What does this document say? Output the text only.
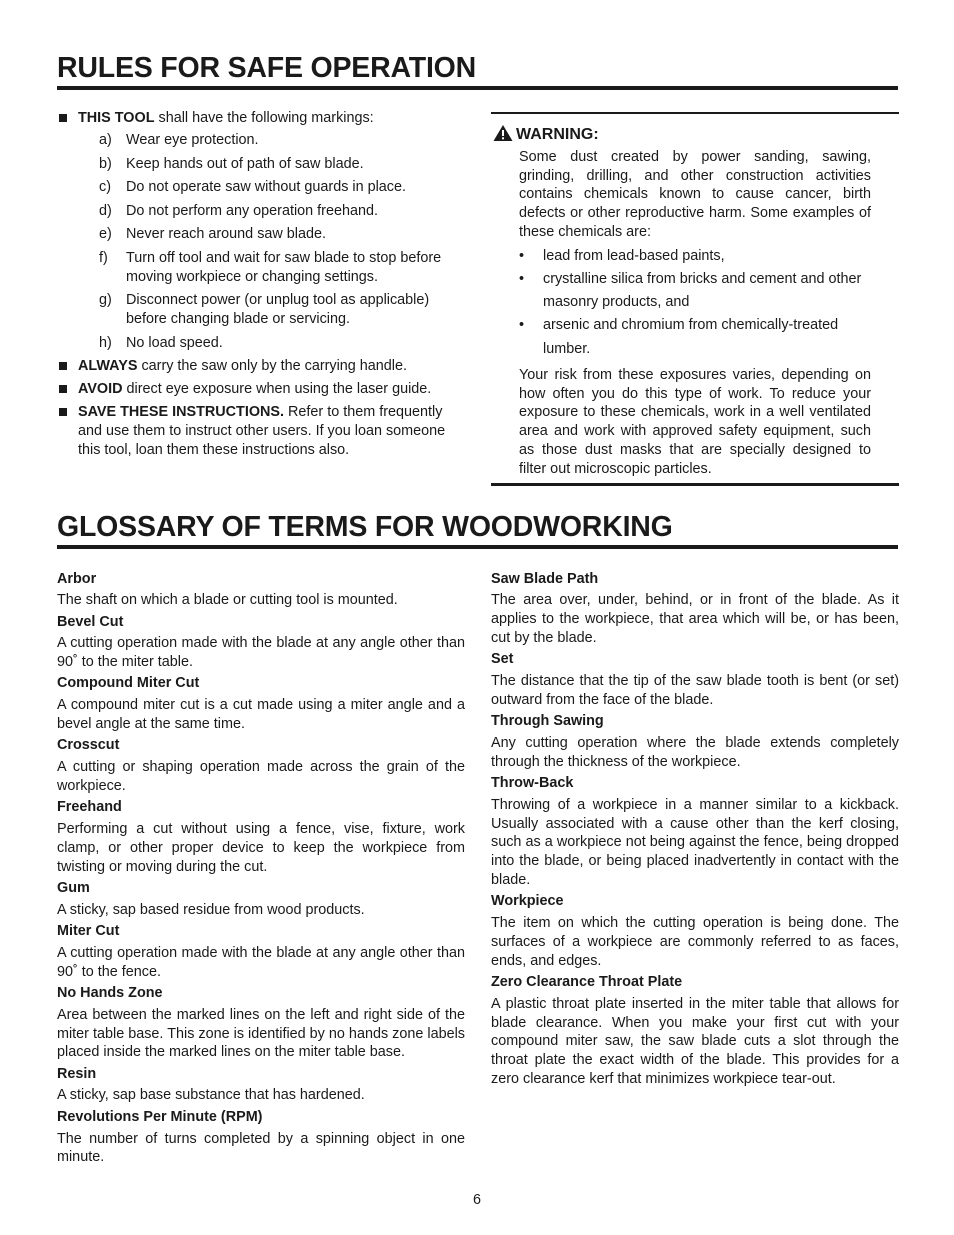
RULES FOR SAFE OPERATION
THIS TOOL shall have the following markings:
a) Wear eye protection.
b) Keep hands out of path of saw blade.
c) Do not operate saw without guards in place.
d) Do not perform any operation freehand.
e) Never reach around saw blade.
f) Turn off tool and wait for saw blade to stop before moving workpiece or changing settings.
g) Disconnect power (or unplug tool as applicable) before changing blade or servicing.
h) No load speed.
ALWAYS carry the saw only by the carrying handle.
AVOID direct eye exposure when using the laser guide.
SAVE THESE INSTRUCTIONS. Refer to them frequently and use them to instruct other users. If you loan someone this tool, loan them these instructions also.
WARNING:

Some dust created by power sanding, sawing, grinding, drilling, and other construction activities contains chemicals known to cause cancer, birth defects or other reproductive harm. Some examples of these chemicals are:

• lead from lead-based paints,
• crystalline silica from bricks and cement and other masonry products, and
• arsenic and chromium from chemically-treated lumber.

Your risk from these exposures varies, depending on how often you do this type of work. To reduce your exposure to these chemicals, work in a well ventilated area and work with approved safety equipment, such as those dust masks that are specially designed to filter out microscopic particles.

GLOSSARY OF TERMS FOR WOODWORKING
Arbor

The shaft on which a blade or cutting tool is mounted.

Bevel Cut

A cutting operation made with the blade at any angle other than 90˚ to the miter table.

Compound Miter Cut

A compound miter cut is a cut made using a miter angle and a bevel angle at the same time.

Crosscut

A cutting or shaping operation made across the grain of the workpiece.

Freehand

Performing a cut without using a fence, vise, fixture, work clamp, or other proper device to keep the workpiece from twisting or moving during the cut.

Gum

A sticky, sap based residue from wood products.

Miter Cut

A cutting operation made with the blade at any angle other than 90˚ to the fence.

No Hands Zone

Area between the marked lines on the left and right side of the miter table base. This zone is identified by no hands zone labels placed inside the marked lines on the miter table base.

Resin

A sticky, sap base substance that has hardened.

Revolutions Per Minute (RPM)

The number of turns completed by a spinning object in one minute.

Saw Blade Path

The area over, under, behind, or in front of the blade. As it applies to the workpiece, that area which will be, or has been, cut by the blade.

Set

The distance that the tip of the saw blade tooth is bent (or set) outward from the face of the blade.

Through Sawing

Any cutting operation where the blade extends completely through the thickness of the workpiece.

Throw-Back

Throwing of a workpiece in a manner similar to a kickback. Usually associated with a cause other than the kerf closing, such as a workpiece not being against the fence, being dropped into the blade, or being placed inadvertently in contact with the blade.

Workpiece

The item on which the cutting operation is being done. The surfaces of a workpiece are commonly referred to as faces, ends, and edges.

Zero Clearance Throat Plate

A plastic throat plate inserted in the miter table that allows for blade clearance. When you make your first cut with your compound miter saw, the saw blade cuts a slot through the throat plate the exact width of the blade. This provides for a zero clearance kerf that minimizes workpiece tear-out.

6
